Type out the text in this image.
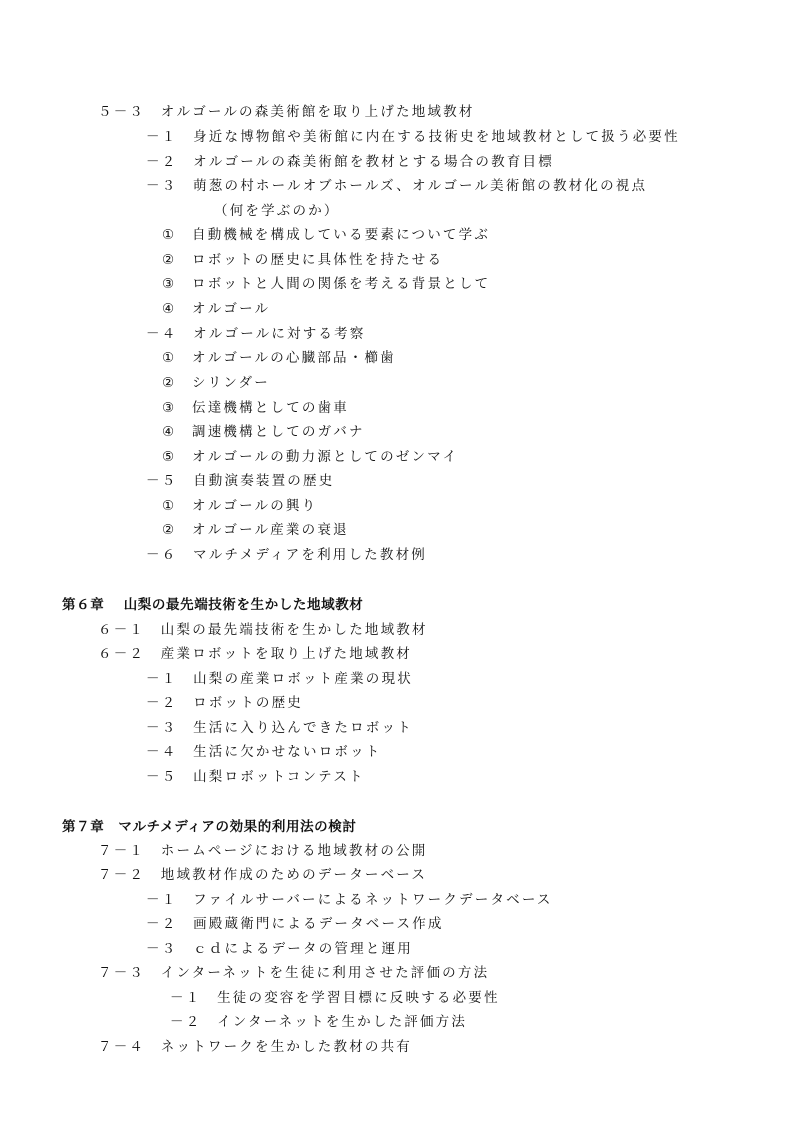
５－３　オルゴールの森美術館を取り上げた地域教材
－１　身近な博物館や美術館に内在する技術史を地域教材として扱う必要性
－２　オルゴールの森美術館を教材とする場合の教育目標
－３　萌葱の村ホールオブホールズ、オルゴール美術館の教材化の視点
（何を学ぶのか）
①　自動機械を構成している要素について学ぶ
②　ロボットの歴史に具体性を持たせる
③　ロボットと人間の関係を考える背景として
④　オルゴール
－４　オルゴールに対する考察
①　オルゴールの心臓部品・櫛歯
②　シリンダー
③　伝達機構としての歯車
④　調速機構としてのガバナ
⑤　オルゴールの動力源としてのゼンマイ
－５　自動演奏装置の歴史
①　オルゴールの興り
②　オルゴール産業の衰退
－６　マルチメディアを利用した教材例
第６章　 山梨の最先端技術を生かした地域教材
６－１　山梨の最先端技術を生かした地域教材
６－２　産業ロボットを取り上げた地域教材
－１　山梨の産業ロボット産業の現状
－２　ロボットの歴史
－３　生活に入り込んできたロボット
－４　生活に欠かせないロボット
－５　山梨ロボットコンテスト
第７章　マルチメディアの効果的利用法の検討
７－１　ホームページにおける地域教材の公開
７－２　地域教材作成のためのデーターベース
－１　ファイルサーバーによるネットワークデータベース
－２　画殿蔵衛門によるデータベース作成
－３　ｃｄによるデータの管理と運用
７－３　インターネットを生徒に利用させた評価の方法
－１　生徒の変容を学習目標に反映する必要性
－２　インターネットを生かした評価方法
７－４　ネットワークを生かした教材の共有
